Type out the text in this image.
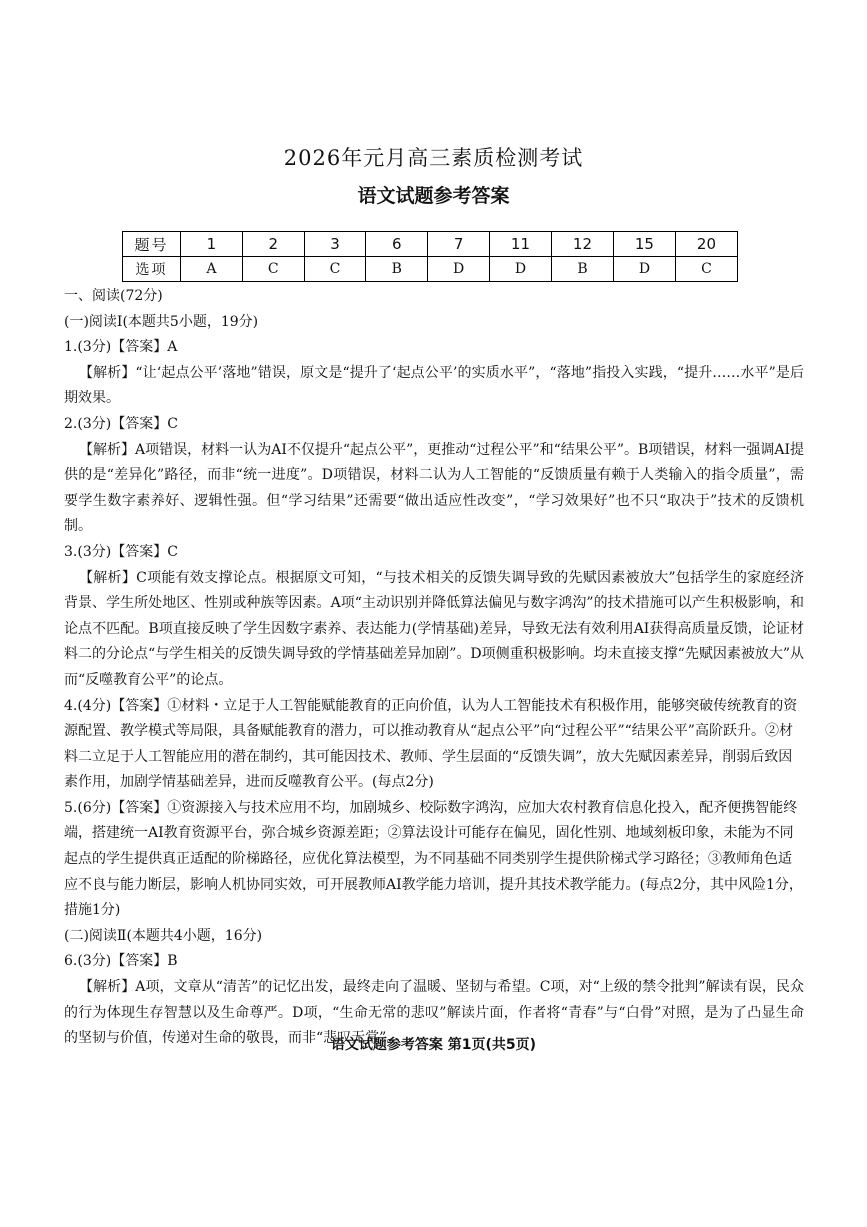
2026年元月高三素质检测考试
语文试题参考答案
题号	1	2	3	6	7	11	12	15	20
选项	A	C	C	B	D	D	B	D	C
一、阅读(72分)
(一)阅读Ⅰ(本题共5小题，19分)
1.(3分)【答案】A
【解析】“让‘起点公平’落地”错误，原文是“提升了‘起点公平’的实质水平”，“落地”指投入实践，“提升……水平”是后期效果。
2.(3分)【答案】C
【解析】A项错误，材料一认为AI不仅提升“起点公平”，更推动“过程公平”和“结果公平”。B项错误，材料一强调AI提供的是“差异化”路径，而非“统一进度”。D项错误，材料二认为人工智能的“反馈质量有赖于人类输入的指令质量”，需要学生数字素养好、逻辑性强。但“学习结果”还需要“做出适应性改变”，“学习效果好”也不只“取决于”技术的反馈机制。
3.(3分)【答案】C
【解析】C项能有效支撑论点。根据原文可知，“与技术相关的反馈失调导致的先赋因素被放大”包括学生的家庭经济背景、学生所处地区、性别或种族等因素。A项“主动识别并降低算法偏见与数字鸿沟”的技术措施可以产生积极影响，和论点不匹配。B项直接反映了学生因数字素养、表达能力(学情基础)差异，导致无法有效利用AI获得高质量反馈，论证材料二的分论点“与学生相关的反馈失调导致的学情基础差异加剧”。D项侧重积极影响。均未直接支撑“先赋因素被放大”从而“反噬教育公平”的论点。
4.(4分)【答案】①材料・立足于人工智能赋能教育的正向价值，认为人工智能技术有积极作用，能够突破传统教育的资源配置、教学模式等局限，具备赋能教育的潜力，可以推动教育从“起点公平”向“过程公平”“结果公平”高阶跃升。②材料二立足于人工智能应用的潜在制约，其可能因技术、教师、学生层面的“反馈失调”，放大先赋因素差异，削弱后致因素作用，加剧学情基础差异，进而反噬教育公平。(每点2分)
5.(6分)【答案】①资源接入与技术应用不均，加剧城乡、校际数字鸿沟，应加大农村教育信息化投入，配齐便携智能终端，搭建统一AI教育资源平台，弥合城乡资源差距；②算法设计可能存在偏见，固化性别、地域刻板印象，未能为不同起点的学生提供真正适配的阶梯路径，应优化算法模型，为不同基础不同类别学生提供阶梯式学习路径；③教师角色适应不良与能力断层，影响人机协同实效，可开展教师AI教学能力培训，提升其技术教学能力。(每点2分，其中风险1分，措施1分)
(二)阅读Ⅱ(本题共4小题，16分)
6.(3分)【答案】B
【解析】A项，文章从“清苦”的记忆出发，最终走向了温暖、坚韧与希望。C项，对“上级的禁令批判”解读有误，民众的行为体现生存智慧以及生命尊严。D项，“生命无常的悲叹”解读片面，作者将“青春”与“白骨”对照，是为了凸显生命的坚韧与价值，传递对生命的敬畏，而非“悲叹无常”。
语文试题参考答案 第1页(共5页)
